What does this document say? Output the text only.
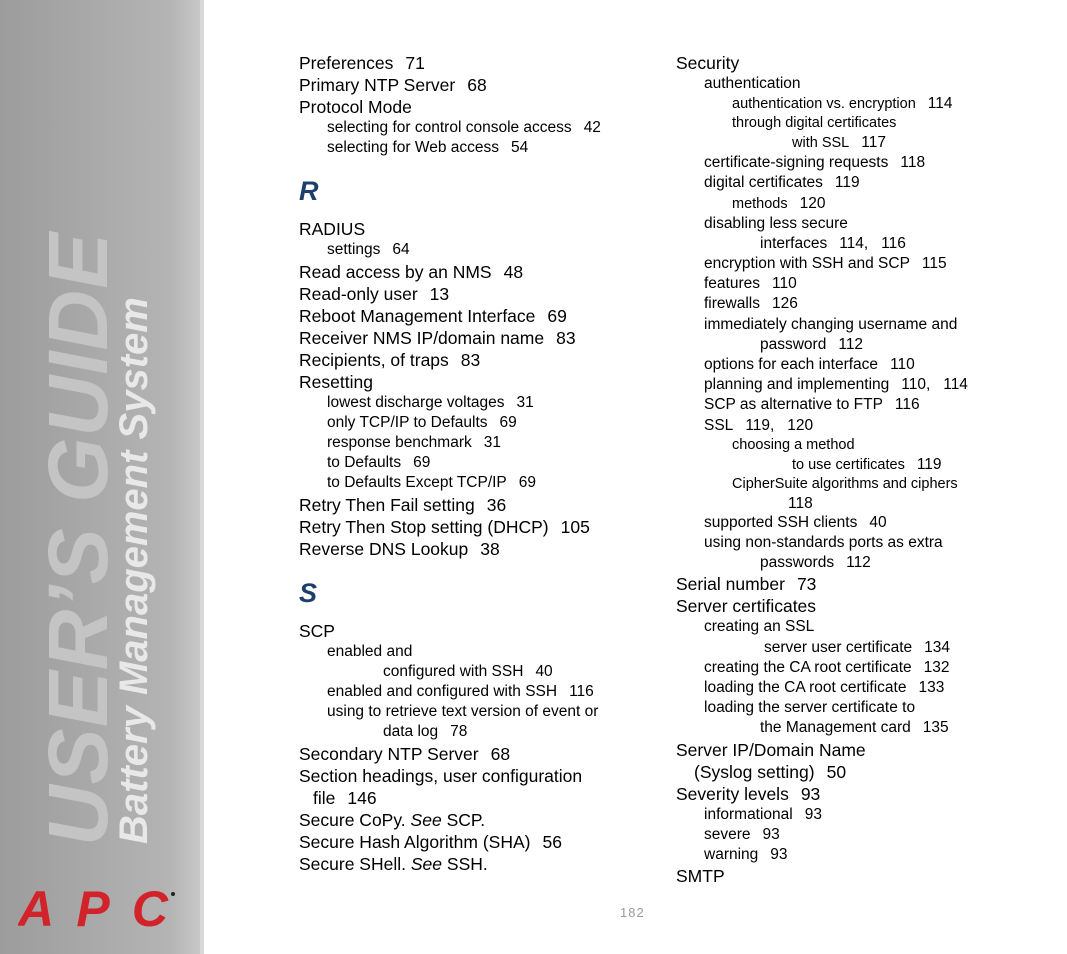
USER’S GUIDE
Battery Management System
APC
Preferences 71
Primary NTP Server 68
Protocol Mode
selecting for control console access 42
selecting for Web access 54
R
RADIUS
settings 64
Read access by an NMS 48
Read-only user 13
Reboot Management Interface 69
Receiver NMS IP/domain name 83
Recipients, of traps 83
Resetting
lowest discharge voltages 31
only TCP/IP to Defaults 69
response benchmark 31
to Defaults 69
to Defaults Except TCP/IP 69
Retry Then Fail setting 36
Retry Then Stop setting (DHCP) 105
Reverse DNS Lookup 38
S
SCP
enabled and
configured with SSH 40
enabled and configured with SSH 116
using to retrieve text version of event or
data log 78
Secondary NTP Server 68
Section headings, user configuration
file 146
Secure CoPy. See SCP.
Secure Hash Algorithm (SHA) 56
Secure SHell. See SSH.
Security
authentication
authentication vs. encryption 114
through digital certificates
with SSL 117
certificate-signing requests 118
digital certificates 119
methods 120
disabling less secure
interfaces 114,   116
encryption with SSH and SCP 115
features 110
firewalls 126
immediately changing username and
password 112
options for each interface 110
planning and implementing 110,   114
SCP as alternative to FTP 116
SSL 119,   120
choosing a method
to use certificates 119
CipherSuite algorithms and ciphers
118
supported SSH clients 40
using non-standards ports as extra
passwords 112
Serial number 73
Server certificates
creating an SSL
server user certificate 134
creating the CA root certificate 132
loading the CA root certificate 133
loading the server certificate to
the Management card 135
Server IP/Domain Name
(Syslog setting) 50
Severity levels 93
informational 93
severe 93
warning 93
SMTP
182
